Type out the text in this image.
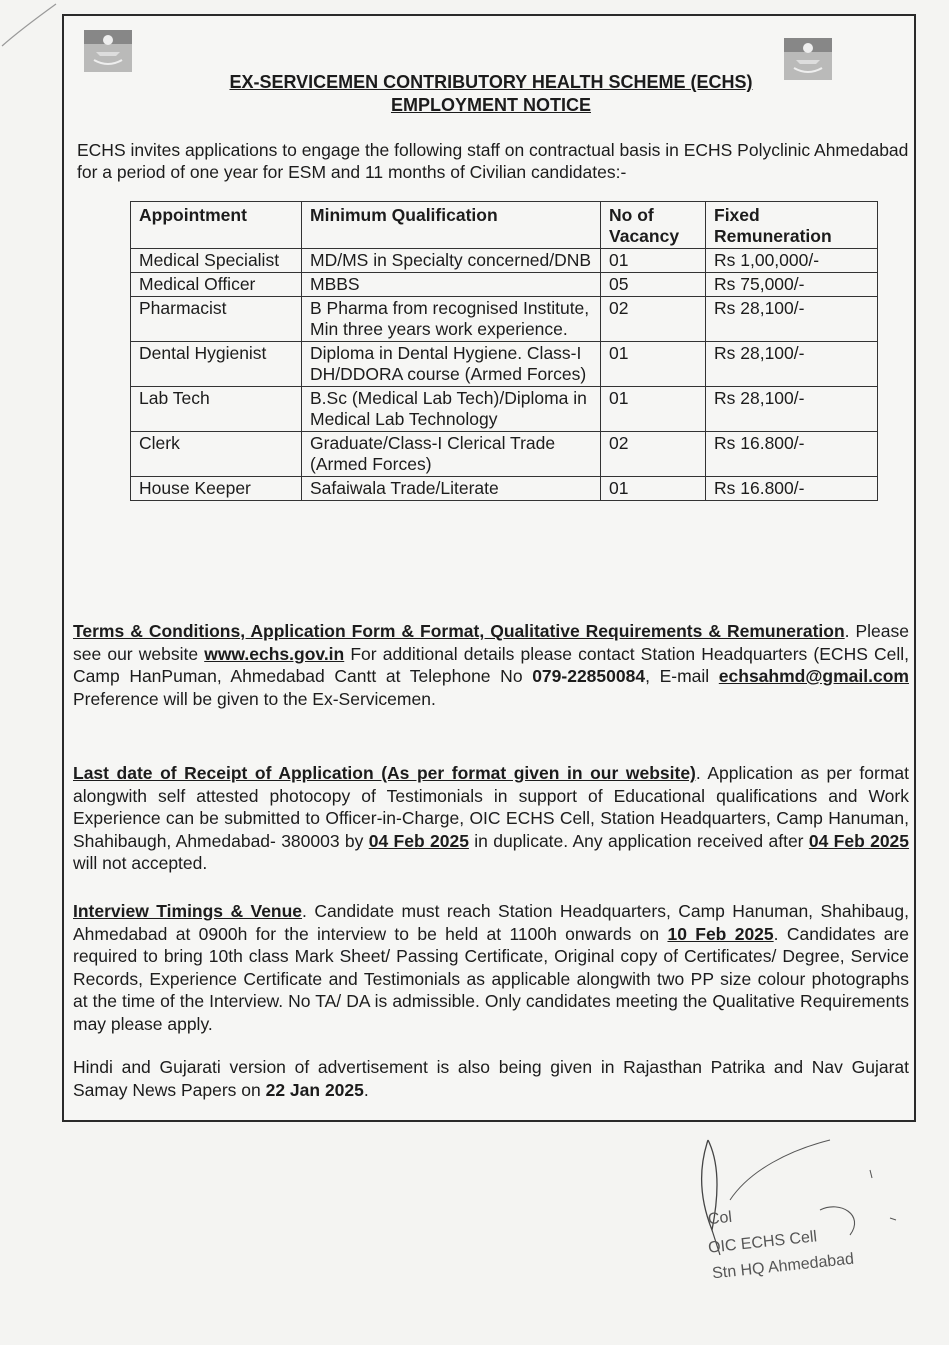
EX-SERVICEMEN CONTRIBUTORY HEALTH SCHEME (ECHS)
EMPLOYMENT NOTICE
ECHS invites applications to engage the following staff on contractual basis in ECHS Polyclinic Ahmedabad for a period of one year for ESM and 11 months of Civilian candidates:-
Appointment	Minimum Qualification	No of Vacancy	Fixed Remuneration
Medical Specialist	MD/MS in Specialty concerned/DNB	01	Rs 1,00,000/-
Medical Officer	MBBS	05	Rs 75,000/-
Pharmacist	B Pharma from recognised Institute, Min three years work experience.	02	Rs 28,100/-
Dental Hygienist	Diploma in Dental Hygiene. Class-I DH/DDORA course (Armed Forces)	01	Rs 28,100/-
Lab Tech	B.Sc (Medical Lab Tech)/Diploma in Medical Lab Technology	01	Rs 28,100/-
Clerk	Graduate/Class-I Clerical Trade (Armed Forces)	02	Rs 16.800/-
House Keeper	Safaiwala Trade/Literate	01	Rs 16.800/-
Terms & Conditions, Application Form & Format, Qualitative Requirements & Remuneration. Please see our website www.echs.gov.in For additional details please contact Station Headquarters (ECHS Cell, Camp HanPuman, Ahmedabad Cantt at Telephone No 079-22850084, E-mail echsahmd@gmail.com Preference will be given to the Ex-Servicemen.
Last date of Receipt of Application (As per format given in our website). Application as per format alongwith self attested photocopy of Testimonials in support of Educational qualifications and Work Experience can be submitted to Officer-in-Charge, OIC ECHS Cell, Station Headquarters, Camp Hanuman, Shahibaugh, Ahmedabad- 380003 by 04 Feb 2025 in duplicate. Any application received after 04 Feb 2025 will not accepted.
Interview Timings & Venue. Candidate must reach Station Headquarters, Camp Hanuman, Shahibaug, Ahmedabad at 0900h for the interview to be held at 1100h onwards on 10 Feb 2025. Candidates are required to bring 10th class Mark Sheet/ Passing Certificate, Original copy of Certificates/ Degree, Service Records, Experience Certificate and Testimonials as applicable alongwith two PP size colour photographs at the time of the Interview. No TA/ DA is admissible. Only candidates meeting the Qualitative Requirements may please apply.
Hindi and Gujarati version of advertisement is also being given in Rajasthan Patrika and Nav Gujarat Samay News Papers on 22 Jan 2025.
Col
OIC ECHS Cell
Stn HQ Ahmedabad
